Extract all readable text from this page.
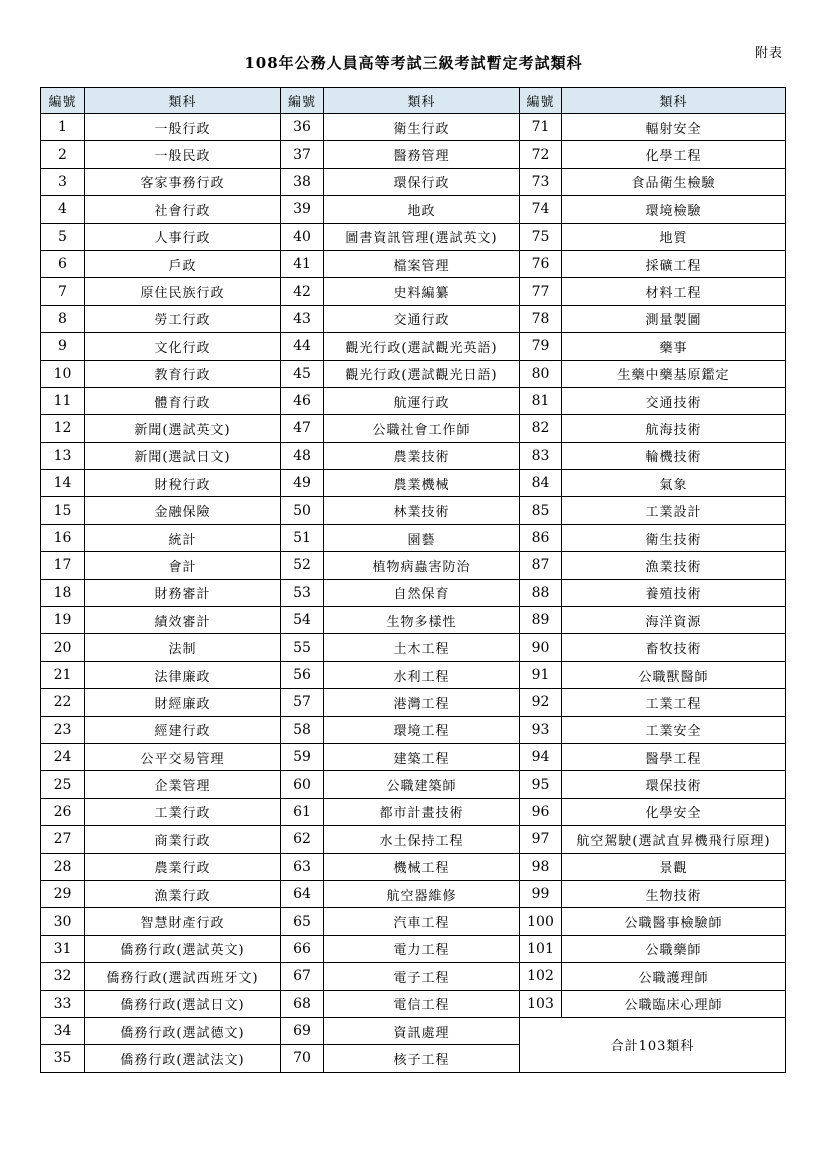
附表
108年公務人員高等考試三級考試暫定考試類科
編號	類科	編號	類科	編號	類科
1	一般行政	36	衛生行政	71	輻射安全
2	一般民政	37	醫務管理	72	化學工程
3	客家事務行政	38	環保行政	73	食品衛生檢驗
4	社會行政	39	地政	74	環境檢驗
5	人事行政	40	圖書資訊管理(選試英文)	75	地質
6	戶政	41	檔案管理	76	採礦工程
7	原住民族行政	42	史料編纂	77	材料工程
8	勞工行政	43	交通行政	78	測量製圖
9	文化行政	44	觀光行政(選試觀光英語)	79	藥事
10	教育行政	45	觀光行政(選試觀光日語)	80	生藥中藥基原鑑定
11	體育行政	46	航運行政	81	交通技術
12	新聞(選試英文)	47	公職社會工作師	82	航海技術
13	新聞(選試日文)	48	農業技術	83	輪機技術
14	財稅行政	49	農業機械	84	氣象
15	金融保險	50	林業技術	85	工業設計
16	統計	51	園藝	86	衛生技術
17	會計	52	植物病蟲害防治	87	漁業技術
18	財務審計	53	自然保育	88	養殖技術
19	績效審計	54	生物多樣性	89	海洋資源
20	法制	55	土木工程	90	畜牧技術
21	法律廉政	56	水利工程	91	公職獸醫師
22	財經廉政	57	港灣工程	92	工業工程
23	經建行政	58	環境工程	93	工業安全
24	公平交易管理	59	建築工程	94	醫學工程
25	企業管理	60	公職建築師	95	環保技術
26	工業行政	61	都市計畫技術	96	化學安全
27	商業行政	62	水土保持工程	97	航空駕駛(選試直昇機飛行原理)
28	農業行政	63	機械工程	98	景觀
29	漁業行政	64	航空器維修	99	生物技術
30	智慧財產行政	65	汽車工程	100	公職醫事檢驗師
31	僑務行政(選試英文)	66	電力工程	101	公職藥師
32	僑務行政(選試西班牙文)	67	電子工程	102	公職護理師
33	僑務行政(選試日文)	68	電信工程	103	公職臨床心理師
34	僑務行政(選試德文)	69	資訊處理	合計103類科	
35	僑務行政(選試法文)	70	核子工程		
